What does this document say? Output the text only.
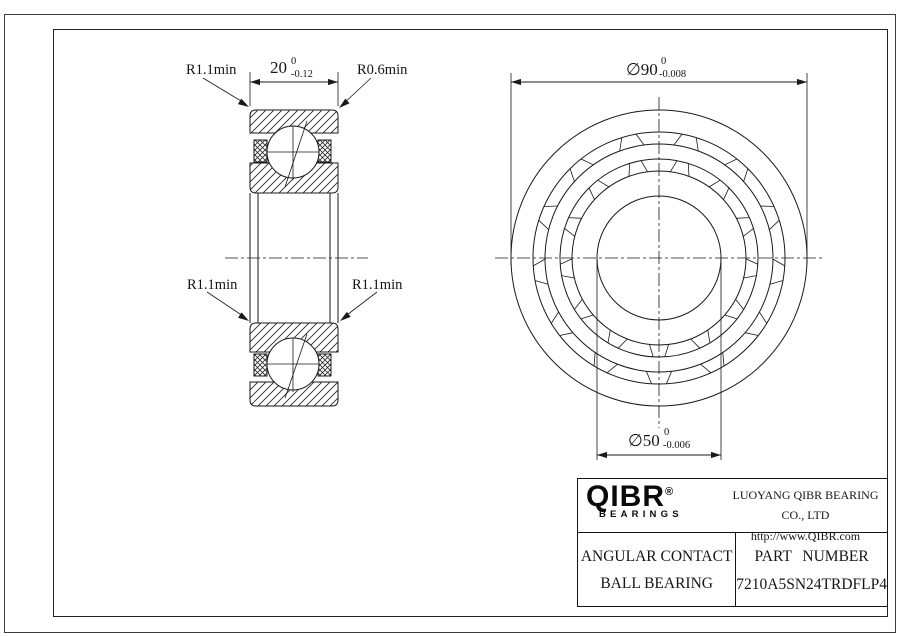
20 0
-0.12
R1.1min	R0.6min
R1.1min	R1.1min
∅90 0
-0.008
∅50 0
-0.006
QIBR®
BEARINGS
LUOYANG QIBR BEARING CO., LTD
http://www.QIBR.com
ANGULAR CONTACT
BALL BEARING
PART NUMBER
7210A5SN24TRDFLP4
